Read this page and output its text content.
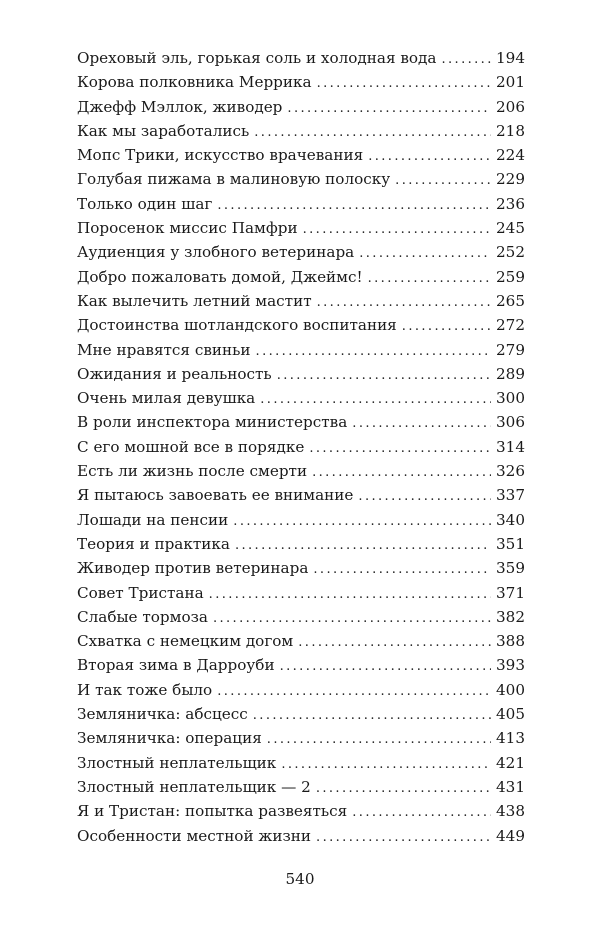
Ореховый эль, горькая соль и холодная вода .....	194
Корова полковника Меррика .....	201
Джефф Мэллок, живодер .....	206
Как мы заработались .....	218
Мопс Трики, искусство врачевания .....	224
Голубая пижама в малиновую полоску .....	229
Только один шаг .....	236
Поросенок миссис Памфри .....	245
Аудиенция у злобного ветеринара .....	252
Добро пожаловать домой, Джеймс! .....	259
Как вылечить летний мастит .....	265
Достоинства шотландского воспитания .....	272
Мне нравятся свиньи .....	279
Ожидания и реальность .....	289
Очень милая девушка .....	300
В роли инспектора министерства .....	306
С его мошной все в порядке .....	314
Есть ли жизнь после смерти .....	326
Я пытаюсь завоевать ее внимание .....	337
Лошади на пенсии .....	340
Теория и практика .....	351
Живодер против ветеринара .....	359
Совет Тристана .....	371
Слабые тормоза .....	382
Схватка с немецким догом .....	388
Вторая зима в Дарроуби .....	393
И так тоже было .....	400
Земляничка: абсцесс .....	405
Земляничка: операция .....	413
Злостный неплательщик .....	421
Злостный неплательщик — 2 .....	431
Я и Тристан: попытка развеяться .....	438
Особенности местной жизни .....	449
540
